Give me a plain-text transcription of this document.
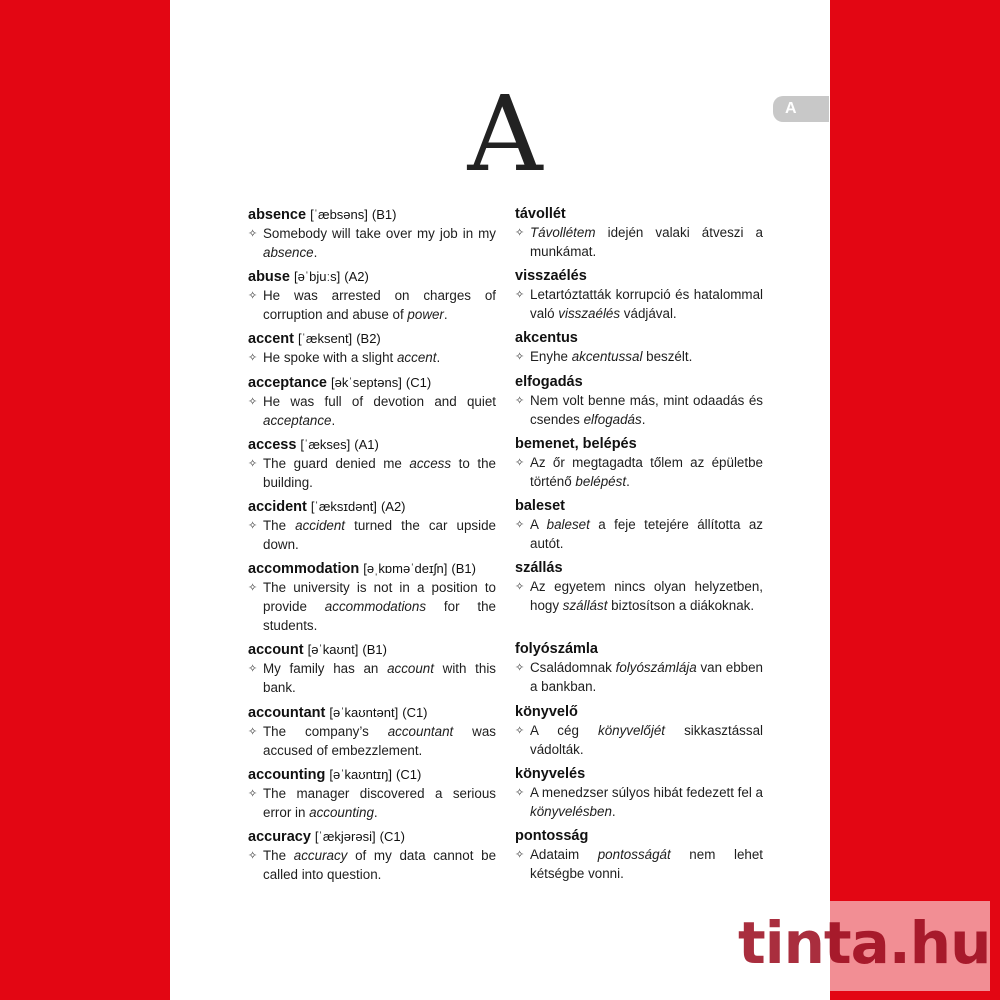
A
A
absence [ˈæbsəns] (B1)
✧ Somebody will take over my job in my absence.
abuse [əˈbjuːs] (A2)
✧ He was arrested on charges of corruption and abuse of power.
accent [ˈæksent] (B2)
✧ He spoke with a slight accent.
acceptance [əkˈseptəns] (C1)
✧ He was full of devotion and quiet acceptance.
access [ˈækses] (A1)
✧ The guard denied me access to the building.
accident [ˈæksɪdənt] (A2)
✧ The accident turned the car upside down.
accommodation [əˌkɒməˈdeɪʃn] (B1)
✧ The university is not in a position to provide accommodations for the students.
account [əˈkaʊnt] (B1)
✧ My family has an account with this bank.
accountant [əˈkaʊntənt] (C1)
✧ The company’s accountant was accused of embezzlement.
accounting [əˈkaʊntɪŋ] (C1)
✧ The manager discovered a serious error in accounting.
accuracy [ˈækjərəsi] (C1)
✧ The accuracy of my data cannot be called into question.
távollét
✧ Távollétem idején valaki átveszi a munkámat.
visszaélés
✧ Letartóztatták korrupció és hatalommal való visszaélés vádjával.
akcentus
✧ Enyhe akcentussal beszélt.
elfogadás
✧ Nem volt benne más, mint odaadás és csendes elfogadás.
bemenet, belépés
✧ Az őr megtagadta tőlem az épületbe történő belépést.
baleset
✧ A baleset a feje tetejére állította az autót.
szállás
✧ Az egyetem nincs olyan helyzetben, hogy szállást biztosítson a diákoknak.
folyószámla
✧ Családomnak folyószámlája van ebben a bankban.
könyvelő
✧ A cég könyvelőjét sikkasztással vádolták.
könyvelés
✧ A menedzser súlyos hibát fedezett fel a könyvelésben.
pontosság
✧ Adataim pontosságát nem lehet kétségbe vonni.
tinta.hu
